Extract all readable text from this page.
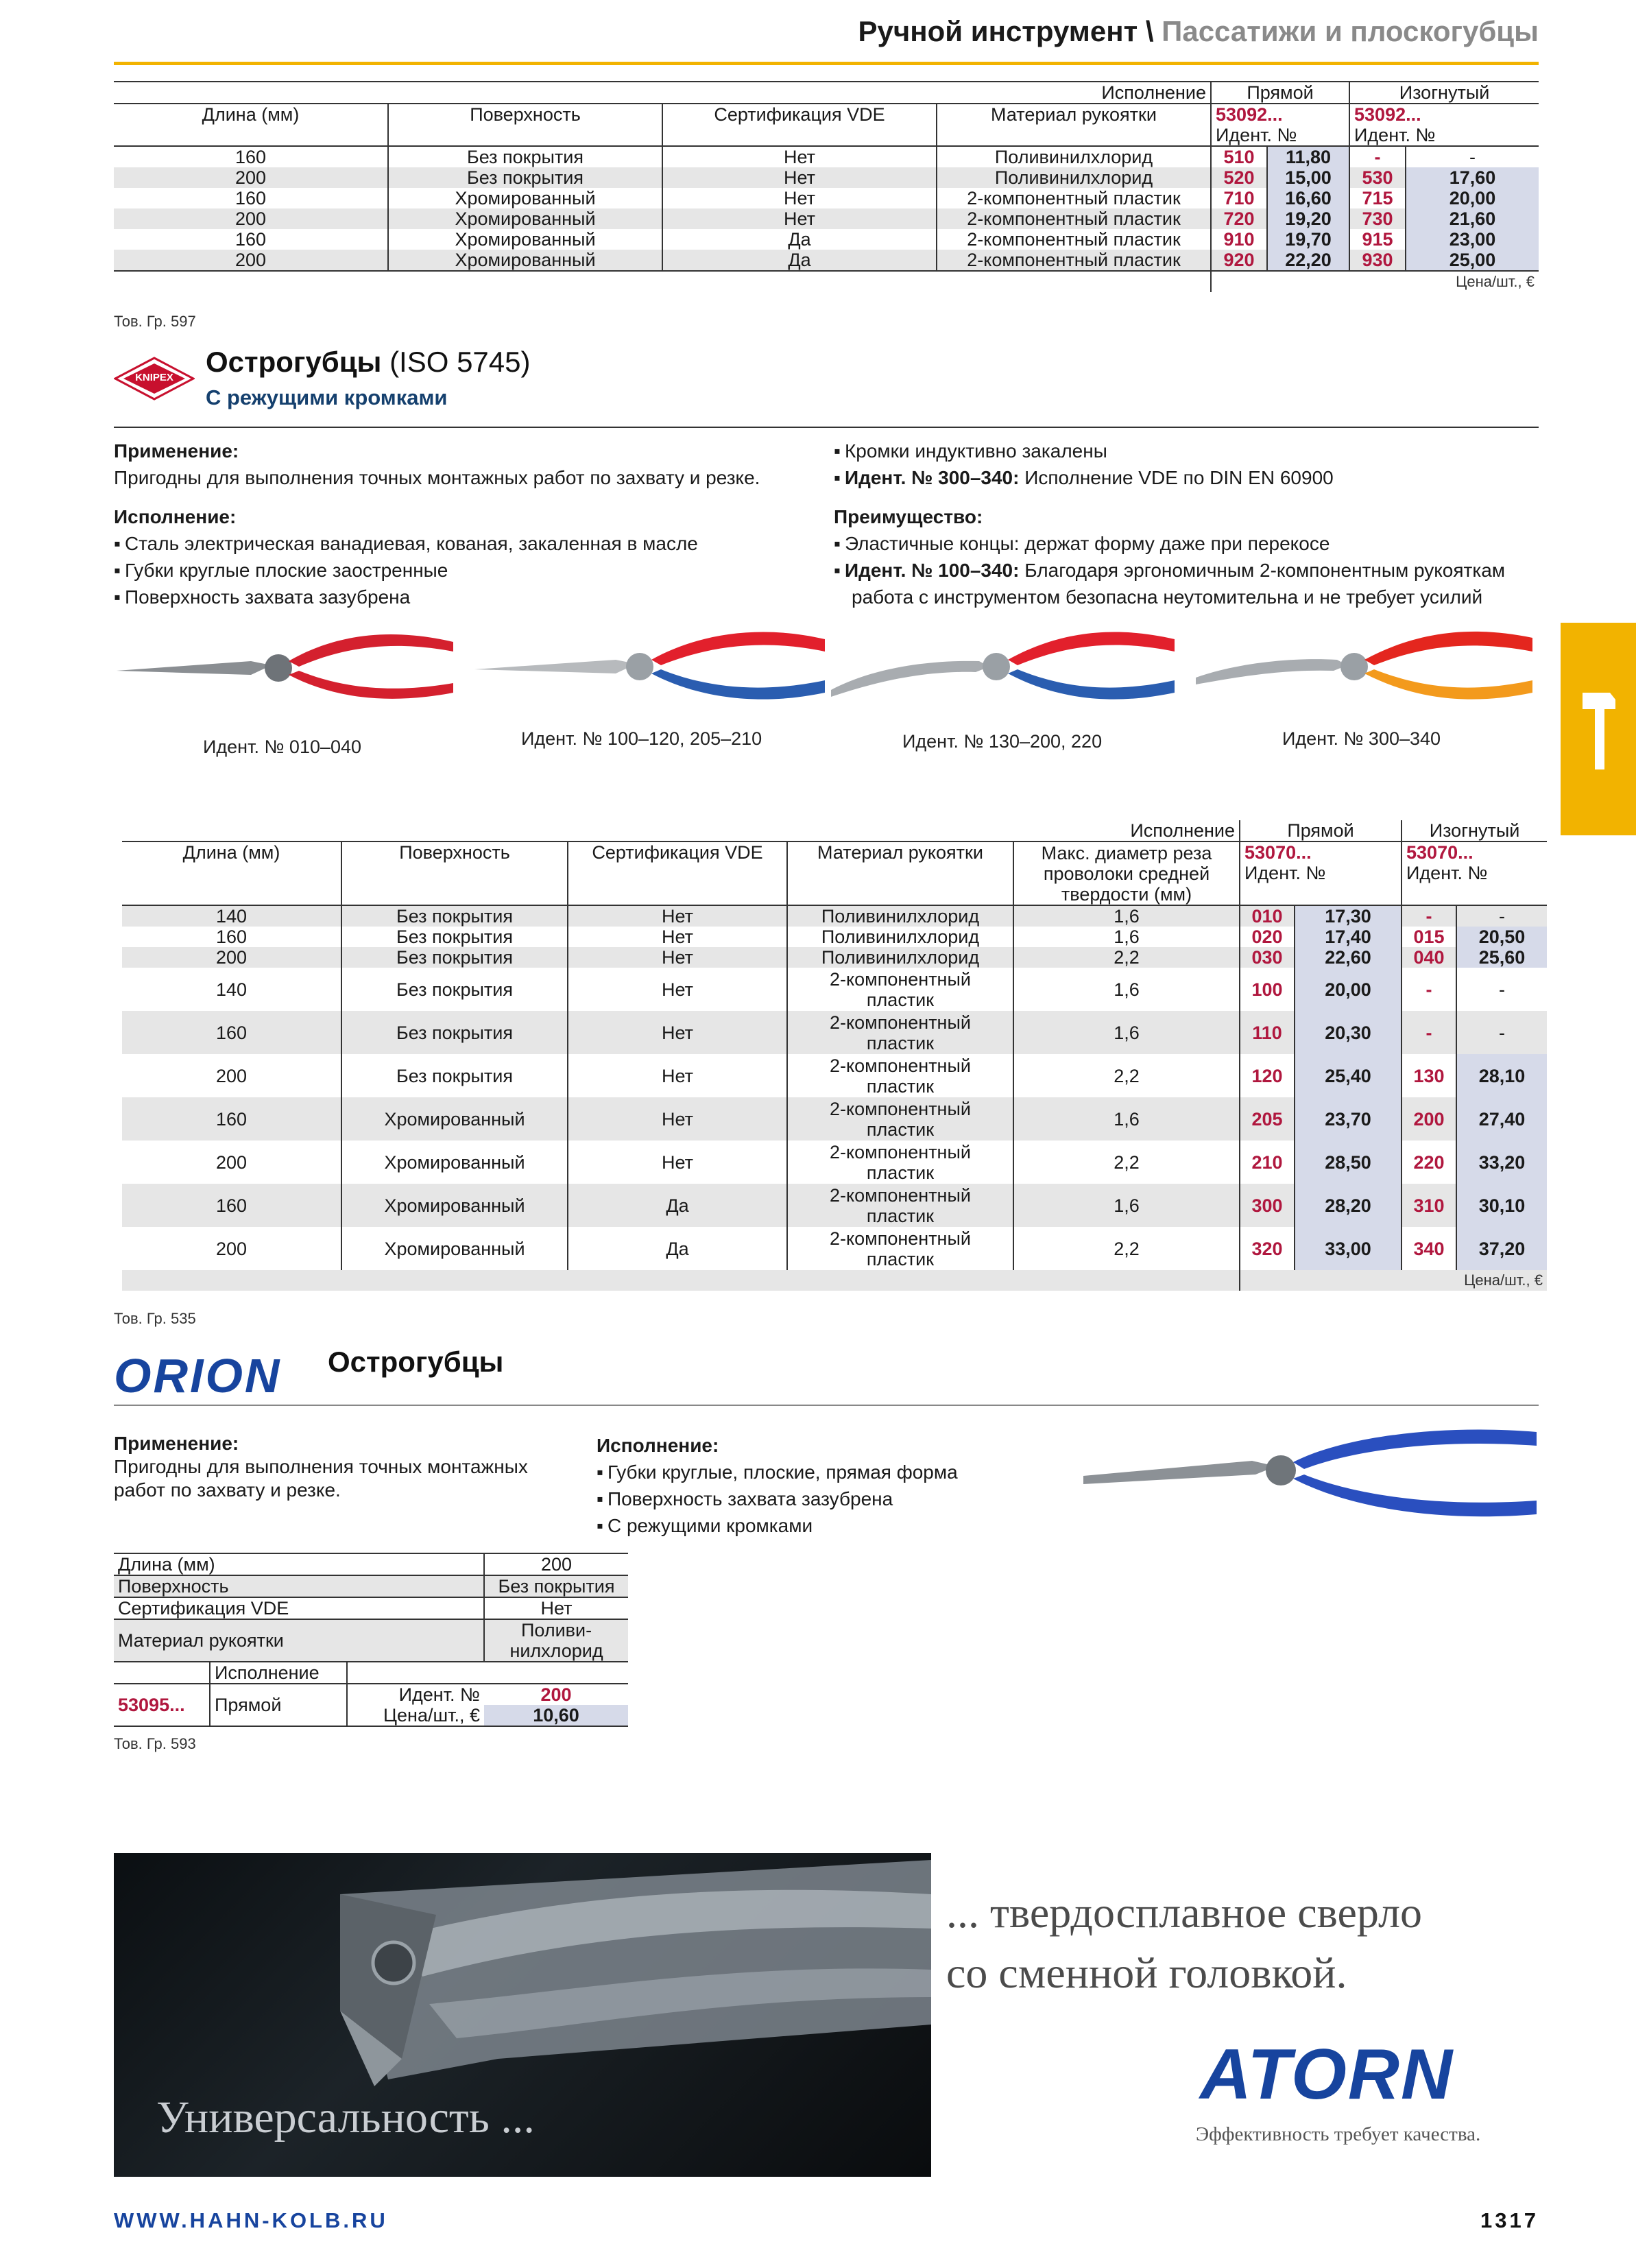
Ручной инструмент \ Пассатижи и плоскогубцы
Исполнение				Прямой		Изогнутый	
Длина (мм)	Поверхность	Сертификация VDE	Материал рукоятки	53092...		53092...	
				Идент. №		Идент. №	
160	Без покрытия	Нет	Поливинилхлорид	510	11,80	-	-
200	Без покрытия	Нет	Поливинилхлорид	520	15,00	530	17,60
160	Хромированный	Нет	2-компонентный пластик	710	16,60	715	20,00
200	Хромированный	Нет	2-компонентный пластик	720	19,20	730	21,60
160	Хромированный	Да	2-компонентный пластик	910	19,70	915	23,00
200	Хромированный	Да	2-компонентный пластик	920	22,20	930	25,00
				Цена/шт., €			
Тов. Гр. 597
KNIPEX Острогубцы (ISO 5745)
С режущими кромками
Применение:
Пригодны для выполнения точных монтажных работ по захвату и резке.
Исполнение:
▪ Сталь электрическая ванадиевая, кованая, закаленная в масле
▪ Губки круглые плоские заостренные
▪ Поверхность захвата зазубрена
▪ Кромки индуктивно закалены
▪ Идент. № 300–340: Исполнение VDE по DIN EN 60900
Преимущество:
▪ Эластичные концы: держат форму даже при перекосе
▪ Идент. № 100–340: Благодаря эргономичным 2-компонентным рукояткам работа с инструментом безопасна неутомительна и не требует усилий
Идент. № 010–040	Идент. № 100–120, 205–210	Идент. № 130–200, 220	Идент. № 300–340
Исполнение					Прямой		Изогнутый	
Длина (мм)	Поверхность	Сертификация VDE	Материал рукоятки	Макс. диаметр реза проволоки средней твердости (мм)	53070...		53070...	
					Идент. №		Идент. №	
140	Без покрытия	Нет	Поливинилхлорид	1,6	010	17,30	-	-
160	Без покрытия	Нет	Поливинилхлорид	1,6	020	17,40	015	20,50
200	Без покрытия	Нет	Поливинилхлорид	2,2	030	22,60	040	25,60
140	Без покрытия	Нет	2-компонентный пластик	1,6	100	20,00	-	-
160	Без покрытия	Нет	2-компонентный пластик	1,6	110	20,30	-	-
200	Без покрытия	Нет	2-компонентный пластик	2,2	120	25,40	130	28,10
160	Хромированный	Нет	2-компонентный пластик	1,6	205	23,70	200	27,40
200	Хромированный	Нет	2-компонентный пластик	2,2	210	28,50	220	33,20
160	Хромированный	Да	2-компонентный пластик	1,6	300	28,20	310	30,10
200	Хромированный	Да	2-компонентный пластик	2,2	320	33,00	340	37,20
					Цена/шт., €			
Тов. Гр. 535
ORION Острогубцы
Применение:
Пригодны для выполнения точных монтажных работ по захвату и резке.
Исполнение:
▪ Губки круглые, плоские, прямая форма
▪ Поверхность захвата зазубрена
▪ С режущими кромками
Длина (мм)			200
Поверхность			Без покрытия
Сертификация VDE			Нет
Материал рукоятки			Поливи-нилхлорид
	Исполнение		
53095...	Прямой	Идент. №	200
		Цена/шт., €	10,60
Тов. Гр. 593
Универсальность ...
... твердосплавное сверло
со сменной головкой.
ATORN
Эффективность требует качества.
WWW.HAHN-KOLB.RU	1317
